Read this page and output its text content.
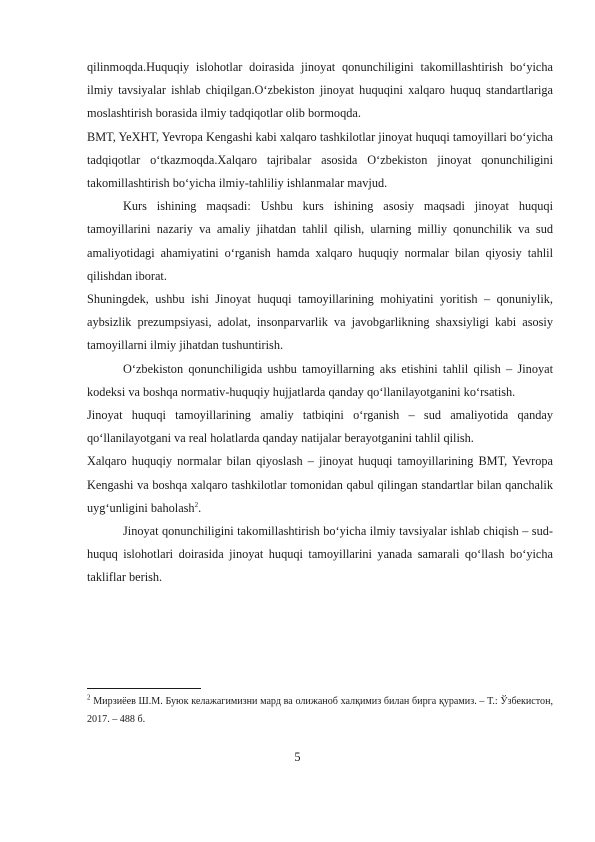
qilinmoqda.Huquqiy islohotlar doirasida jinoyat qonunchiligini takomillashtirish bo‘yicha ilmiy tavsiyalar ishlab chiqilgan.O‘zbekiston jinoyat huquqini xalqaro huquq standartlariga moslashtirish borasida ilmiy tadqiqotlar olib bormoqda.

BMT, YeXHT, Yevropa Kengashi kabi xalqaro tashkilotlar jinoyat huquqi tamoyillari bo‘yicha tadqiqotlar o‘tkazmoqda.Xalqaro tajribalar asosida O‘zbekiston jinoyat qonunchiligini takomillashtirish bo‘yicha ilmiy-tahliliy ishlanmalar mavjud.

Kurs ishining maqsadi: Ushbu kurs ishining asosiy maqsadi jinoyat huquqi tamoyillarini nazariy va amaliy jihatdan tahlil qilish, ularning milliy qonunchilik va sud amaliyotidagi ahamiyatini o‘rganish hamda xalqaro huquqiy normalar bilan qiyosiy tahlil qilishdan iborat.

Shuningdek, ushbu ishi Jinoyat huquqi tamoyillarining mohiyatini yoritish – qonuniylik, aybsizlik prezumpsiyasi, adolat, insonparvarlik va javobgarlikning shaxsiyligi kabi asosiy tamoyillarni ilmiy jihatdan tushuntirish.

O‘zbekiston qonunchiligida ushbu tamoyillarning aks etishini tahlil qilish – Jinoyat kodeksi va boshqa normativ-huquqiy hujjatlarda qanday qo‘llanilayotganini ko‘rsatish.

Jinoyat huquqi tamoyillarining amaliy tatbiqini o‘rganish – sud amaliyotida qanday qo‘llanilayotgani va real holatlarda qanday natijalar berayotganini tahlil qilish.

Xalqaro huquqiy normalar bilan qiyoslash – jinoyat huquqi tamoyillarining BMT, Yevropa Kengashi va boshqa xalqaro tashkilotlar tomonidan qabul qilingan standartlar bilan qanchalik uyg‘unligini baholash$^2$.

Jinoyat qonunchiligini takomillashtirish bo‘yicha ilmiy tavsiyalar ishlab chiqish – sud-huquq islohotlari doirasida jinoyat huquqi tamoyillarini yanada samarali qo‘llash bo‘yicha takliflar berish.

$^2$ Мирзиёев Ш.М. Буюк келажагимизни мард ва олижаноб халқимиз билан бирга қурамиз. – Т.: Ўзбекистон, 2017. – 488 б.

5
